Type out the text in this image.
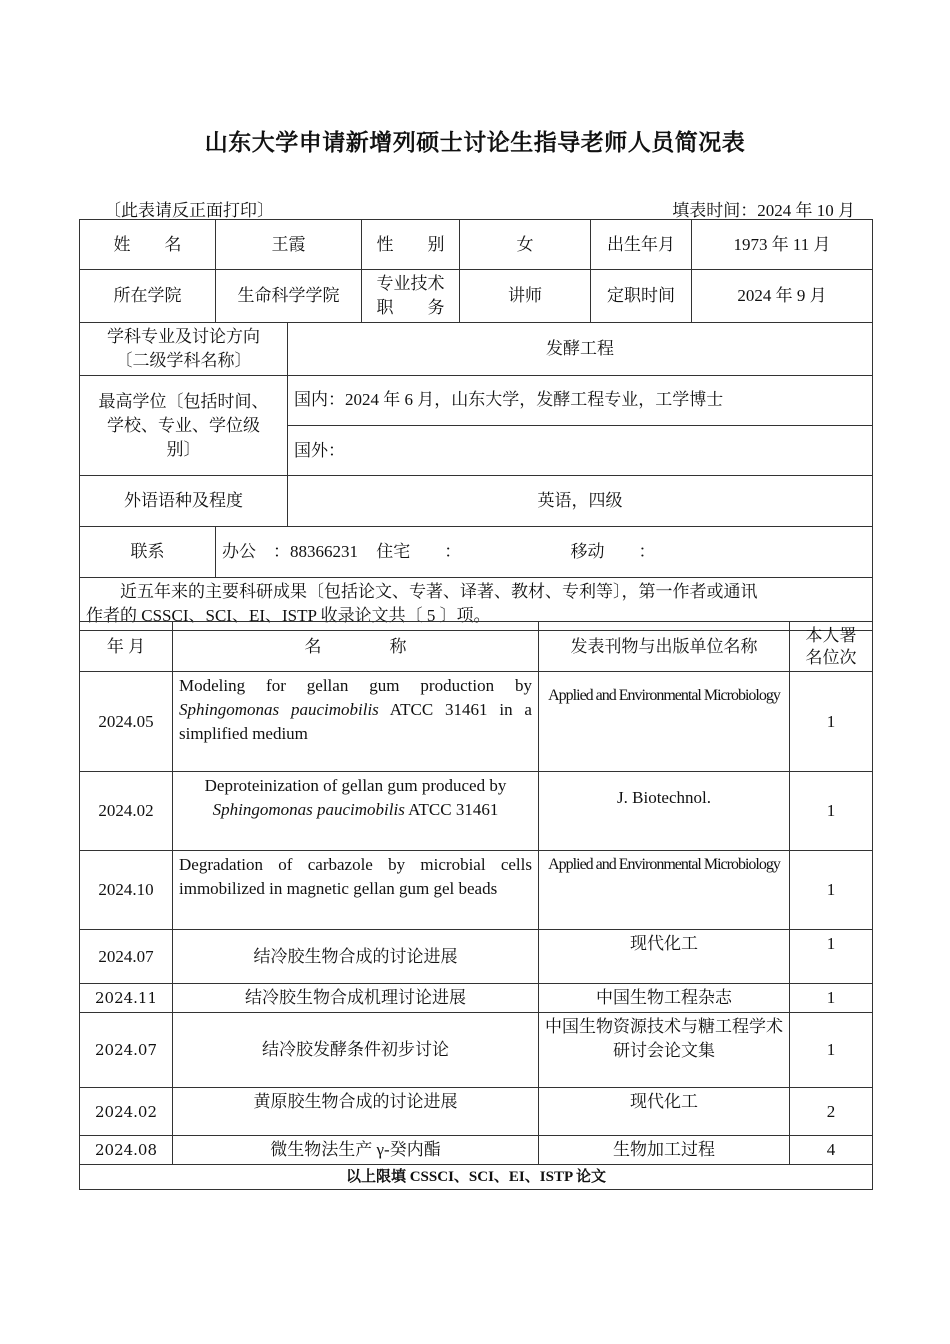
山东大学申请新增列硕士讨论生指导老师人员简况表
〔此表请反正面打印〕	填表时间：2024 年 10 月
姓　　名	王霞		性　　别	女	出生年月	1973 年 11 月
所在学院	生命科学学院		专业技术
职　　务	讲师	定职时间	2024 年 9 月

学科专业及讨论方向
〔二级学科名称〕		发酵工程				

最高学位〔包括时间、
学校、专业、学位级
别〕		国内：2024 年 6 月，山东大学，发酵工程专业，工学博士				
		国外：				
外语语种及程度		英语，四级				
联系	办公　：88366231 住宅　　： 移动　　：					

近五年来的主要科研成果〔包括论文、专著、译著、教材、专利等〕，第一作者或通讯
作者的 CSSCI、SCI、EI、ISTP 收录论文共〔 5 〕项。						
年 月	名　　　　称	发表刊物与出版单位名称	本人署
名位次

2024.05	Modeling for gellan gum production by Sphingomonas paucimobilis ATCC 31461 in a simplified medium	Applied and Environmental Microbiology	1
2024.02	Deproteinization of gellan gum produced by Sphingomonas paucimobilis ATCC 31461	J. Biotechnol.	1
2024.10	Degradation of carbazole by microbial cells immobilized in magnetic gellan gum gel beads	Applied and Environmental Microbiology	1
2024.07	结冷胶生物合成的讨论进展	现代化工	1
2024.11	结冷胶生物合成机理讨论进展	中国生物工程杂志	1
2024.07	结冷胶发酵条件初步讨论	中国生物资源技术与糖工程学术研讨会论文集	1
2024.02	黄原胶生物合成的讨论进展	现代化工	2
2024.08	微生物法生产 γ-癸内酯	生物加工过程	4
以上限填 CSSCI、SCI、EI、ISTP 论文			
